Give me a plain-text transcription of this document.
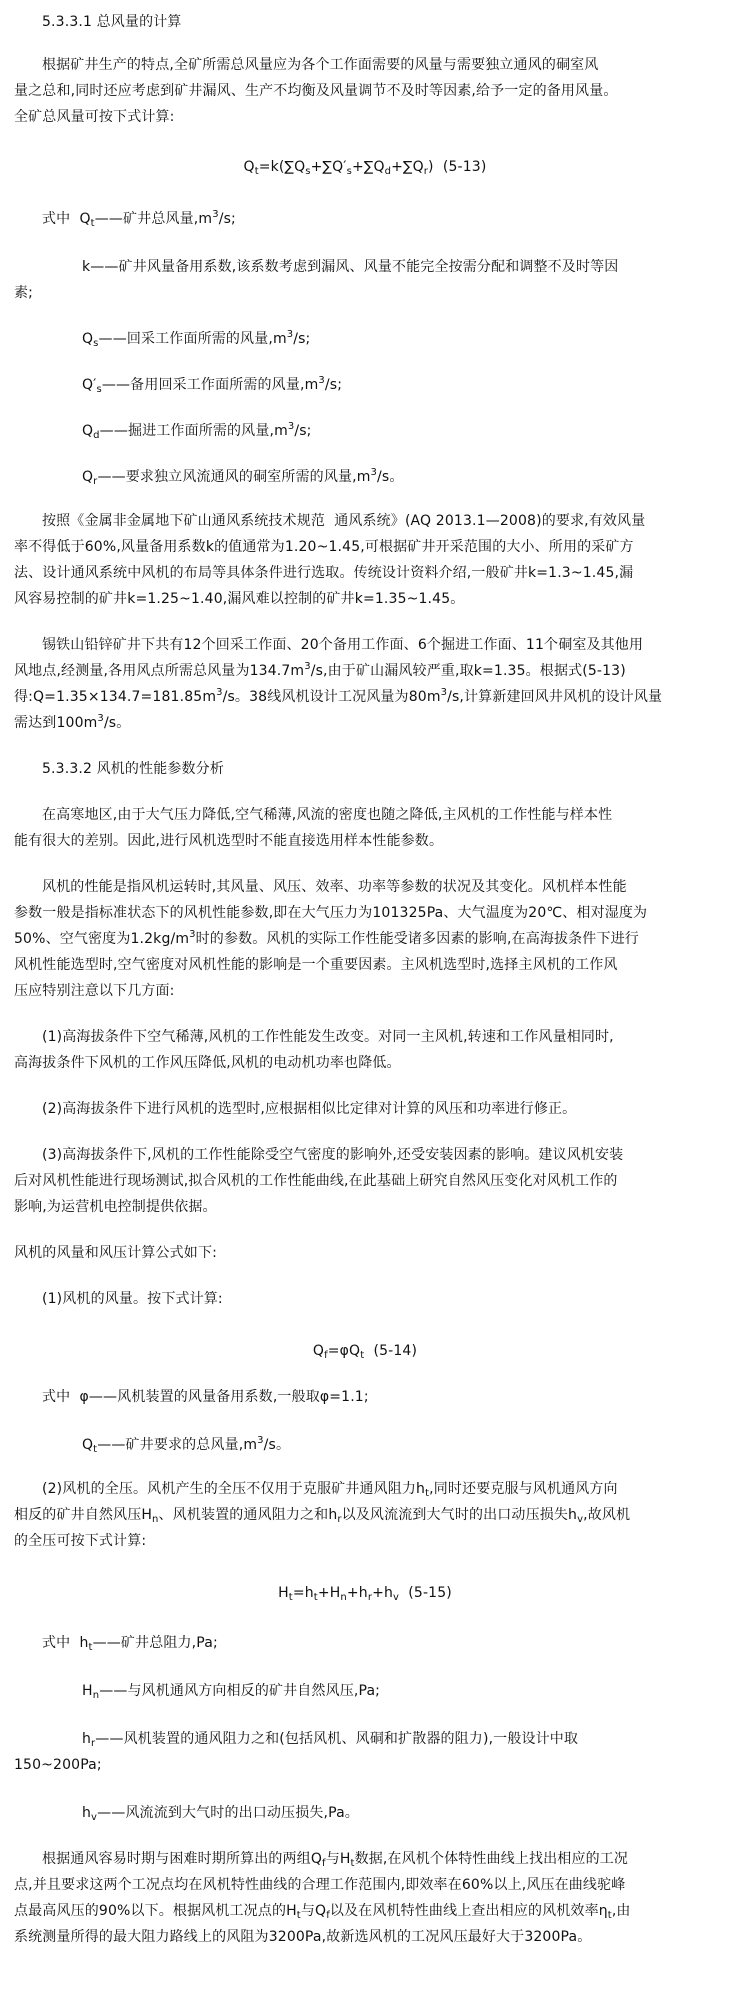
5.3.3.1 总风量的计算

根据矿井生产的特点,全矿所需总风量应为各个工作面需要的风量与需要独立通风的硐室风

量之总和,同时还应考虑到矿井漏风、生产不均衡及风量调节不及时等因素,给予一定的备用风量。

全矿总风量可按下式计算:

$Q_t=k(\sum Q_s+\sum Q'_s+\sum Q_d+\sum Q_r)$  (5-13)

式中  $Q_t——$矿井总风量$,m^3/s$;

k——矿井风量备用系数,该系数考虑到漏风、风量不能完全按需分配和调整不及时等因

素;

$Q_s——$回采工作面所需的风量$,m^3/s$;

$Q'_s——$备用回采工作面所需的风量$,m^3/s$;

$Q_d——$掘进工作面所需的风量$,m^3/s$;

$Q_r——$要求独立风流通风的硐室所需的风量$,m^3/s$。

按照《金属非金属地下矿山通风系统技术规范  通风系统》(AQ 2013.1—2008)的要求,有效风量

率不得低于60%,风量备用系数k的值通常为1.20~1.45,可根据矿井开采范围的大小、所用的采矿方

法、设计通风系统中风机的布局等具体条件进行选取。传统设计资料介绍,一般矿井k=1.3~1.45,漏

风容易控制的矿井k=1.25~1.40,漏风难以控制的矿井k=1.35~1.45。

锡铁山铅锌矿井下共有12个回采工作面、20个备用工作面、6个掘进工作面、11个硐室及其他用

风地点,经测量,各用风点所需总风量为$134.7m^3/s$,由于矿山漏风较严重,取k=1.35。根据式(5-13)

得$:Q=1.35\times 134.7=181.85m^3/s$。38线风机设计工况风量为$80m^3/s$,计算新建回风井风机的设计风量

需达到$100m^3/s$。

5.3.3.2 风机的性能参数分析

在高寒地区,由于大气压力降低,空气稀薄,风流的密度也随之降低,主风机的工作性能与样本性

能有很大的差别。因此,进行风机选型时不能直接选用样本性能参数。

风机的性能是指风机运转时,其风量、风压、效率、功率等参数的状况及其变化。风机样本性能

参数一般是指标准状态下的风机性能参数,即在大气压力为101325Pa、大气温度为20℃、相对湿度为

50%、空气密度为$1.2kg/m^3$时的参数。风机的实际工作性能受诸多因素的影响,在高海拔条件下进行

风机性能选型时,空气密度对风机性能的影响是一个重要因素。主风机选型时,选择主风机的工作风

压应特别注意以下几方面:

(1)高海拔条件下空气稀薄,风机的工作性能发生改变。对同一主风机,转速和工作风量相同时,

高海拔条件下风机的工作风压降低,风机的电动机功率也降低。

(2)高海拔条件下进行风机的选型时,应根据相似比定律对计算的风压和功率进行修正。

(3)高海拔条件下,风机的工作性能除受空气密度的影响外,还受安装因素的影响。建议风机安装

后对风机性能进行现场测试,拟合风机的工作性能曲线,在此基础上研究自然风压变化对风机工作的

影响,为运营机电控制提供依据。

风机的风量和风压计算公式如下:

(1)风机的风量。按下式计算:

$Q_f=\varphi Q_t$  (5-14)

式中  φ——风机装置的风量备用系数,一般取φ=1.1;

$Q_t——$矿井要求的总风量$,m^3/s$。

(2)风机的全压。风机产生的全压不仅用于克服矿井通风阻力$h_t$,同时还要克服与风机通风方向

相反的矿井自然风压$H_n$、风机装置的通风阻力之和$h_r$以及风流流到大气时的出口动压损失$h_v$,故风机

的全压可按下式计算:

$H_t=h_t+H_n+h_r+h_v$  (5-15)

式中  $h_t——$矿井总阻力,Pa;

$H_n——$与风机通风方向相反的矿井自然风压,Pa;

$h_r——$风机装置的通风阻力之和(包括风机、风硐和扩散器的阻力),一般设计中取

150~200Pa;

$h_v——$风流流到大气时的出口动压损失,Pa。

根据通风容易时期与困难时期所算出的两组$Q_f$与$H_t$数据,在风机个体特性曲线上找出相应的工况

点,并且要求这两个工况点均在风机特性曲线的合理工作范围内,即效率在60%以上,风压在曲线驼峰

点最高风压的90%以下。根据风机工况点的$H_t$与$Q_f$以及在风机特性曲线上查出相应的风机效率$\eta_t$,由

系统测量所得的最大阻力路线上的风阻为3200Pa,故新选风机的工况风压最好大于3200Pa。
